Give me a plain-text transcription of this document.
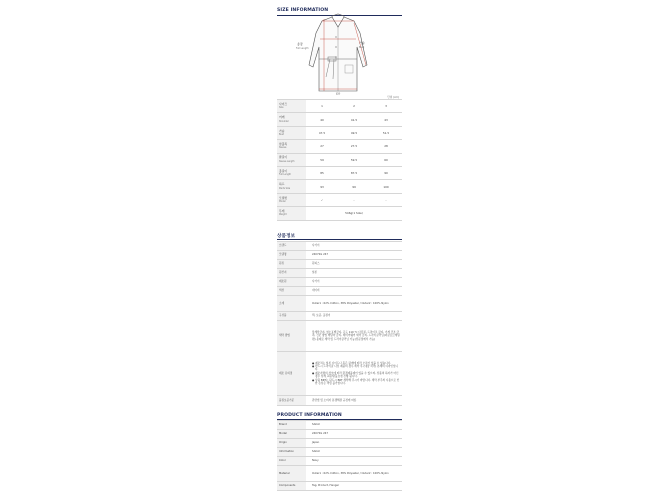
SIZE INFORMATION
총장
Full Length
가슴
Bust
밑단
단위 (cm)
사이즈
Size	1	2	3

어깨
Shoulder	40	41.5	43

가슴
Bust	47.5	49.5	51.5

암홀폭
Sleeve	27	27.5	28

팔길이
Sleeve Length	59	59.5	60

총길이
Full Length	85	87.5	90

하프
Pants Size	93	99	100

모델컷
Model	✓	-	-

무게
Weight	546g(1 Size)		
상품정보
브랜드	사카이
모델명	24072G 247
원류	원피스
원산지	일본
제조원	사카이
색상	네이비
소재	Outer1 : 62% Cotton, 38% Polyester / Outer2 : 100% Nylon
구성품	택, 보증, 옷걸이
세탁 방법	물세탁금지, 염소표백금지, 온도 110 ℃ 다림질, 드라이크 급지, 기계 건조 금지, 건조 방법 매달아 금지, 레이어웨어 세탁 금지, 드라이클리닝(퍼클로르에틸렌) 용제로 세탁 및 드라이클리닝 가능(전문점에서 가능)
제조 유의점	● 제조처는 일본 사이드나 혹은 판매에 따라 오차가 있을 수 있습니다.
● 반드시 드라이클 나전 제품의 경우 세탁 후 (대량 처리) 본래의 디자인입니다.
● 제조자명의 상호에 따라 환경제품제어 있을 수 있으며, 상품의 하자가 아닌 경우 상세 교환/환불요청 진행 됩니다.
● 상품 BRT는 판드시 BRT 세탁해 주시기 바랍니다. 세탁 부주의 사용으로 인한 손상은 책임 불가합니다.

품질보증기준	관련법 및 소비자 분쟁해결 규정에 따름
PRODUCT INFORMATION
Brand	SACAI
Model	24072G 247
Origin	Japan
Information	SACAI
Color	Navy
Material	Outer1 : 62% Cotton, 38% Polyester / Outer2 : 100% Nylon
Components	Tag, Product, Hanger
